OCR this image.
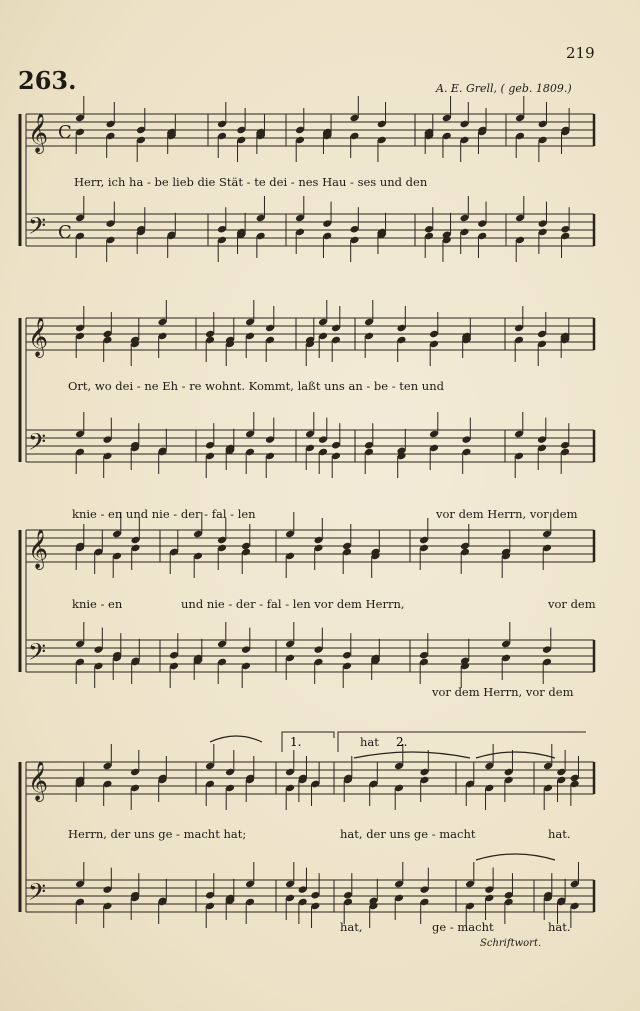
219
263.	A. E. Grell, ( geb. 1809.)
𝄞
𝄢
C
C
𝄞
𝄢
𝄞
𝄢
𝄞
𝄢
1.	2.
Herr, ich ha - be lieb die Stät - te dei - nes Hau - ses und den
Ort, wo dei - ne Eh - re wohnt. Kommt, laßt uns an - be - ten und
knie - en und nie - der - fal - len	vor dem Herrn, vor dem
knie - en	und nie - der - fal - len vor dem Herrn,	vor dem
vor dem Herrn, vor dem
Herrn, der uns ge - macht hat;	hat, der uns ge - macht	hat.
hat
hat,	ge - macht	hat.
Schriftwort.
